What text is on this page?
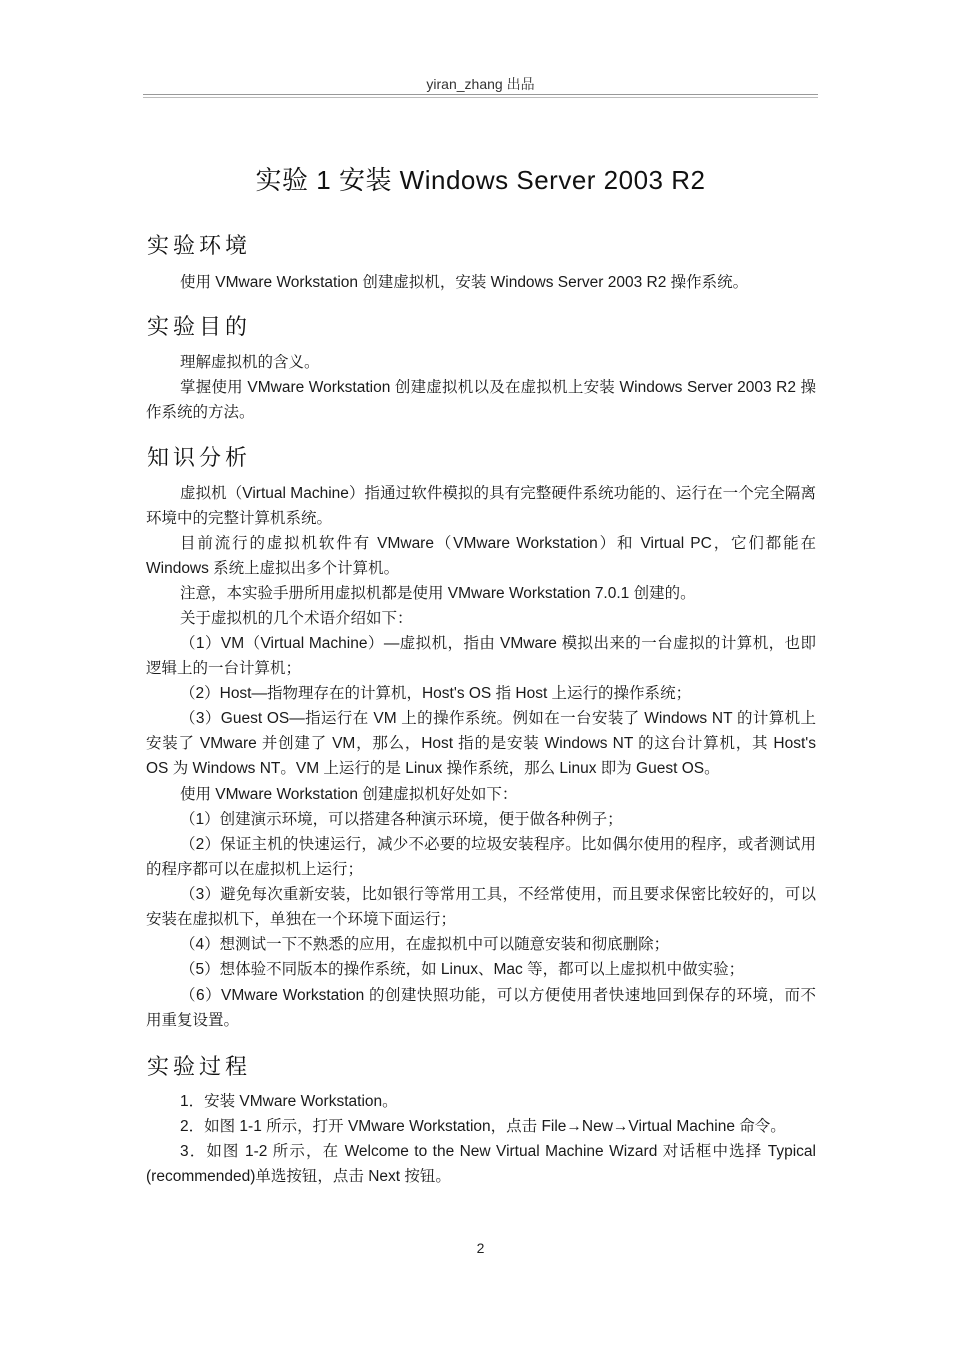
yiran_zhang 出品
实验 1 安装 Windows Server 2003 R2
实验环境
使用 VMware Workstation 创建虚拟机，安装 Windows Server 2003 R2 操作系统。
实验目的
理解虚拟机的含义。
掌握使用 VMware Workstation 创建虚拟机以及在虚拟机上安装 Windows Server 2003 R2 操作系统的方法。
知识分析
虚拟机（Virtual Machine）指通过软件模拟的具有完整硬件系统功能的、运行在一个完全隔离环境中的完整计算机系统。
目前流行的虚拟机软件有 VMware（VMware Workstation）和 Virtual PC，它们都能在 Windows 系统上虚拟出多个计算机。
注意，本实验手册所用虚拟机都是使用 VMware Workstation 7.0.1 创建的。
关于虚拟机的几个术语介绍如下：
（1）VM（Virtual Machine）—虚拟机，指由 VMware 模拟出来的一台虚拟的计算机，也即逻辑上的一台计算机；
（2）Host—指物理存在的计算机，Host's OS 指 Host 上运行的操作系统；
（3）Guest OS—指运行在 VM 上的操作系统。例如在一台安装了 Windows NT 的计算机上安装了 VMware 并创建了 VM，那么，Host 指的是安装 Windows NT 的这台计算机，其 Host's OS 为 Windows NT。VM 上运行的是 Linux 操作系统，那么 Linux 即为 Guest OS。
使用 VMware Workstation 创建虚拟机好处如下：
（1）创建演示环境，可以搭建各种演示环境，便于做各种例子；
（2）保证主机的快速运行，减少不必要的垃圾安装程序。比如偶尔使用的程序，或者测试用的程序都可以在虚拟机上运行；
（3）避免每次重新安装，比如银行等常用工具，不经常使用，而且要求保密比较好的，可以安装在虚拟机下，单独在一个环境下面运行；
（4）想测试一下不熟悉的应用，在虚拟机中可以随意安装和彻底删除；
（5）想体验不同版本的操作系统，如 Linux、Mac 等，都可以上虚拟机中做实验；
（6）VMware Workstation 的创建快照功能，可以方便使用者快速地回到保存的环境，而不用重复设置。
实验过程
1．安装 VMware Workstation。
2．如图 1-1 所示，打开 VMware Workstation，点击 File→New→Virtual Machine 命令。
3．如图 1-2 所示，在 Welcome to the New Virtual Machine Wizard 对话框中选择 Typical (recommended)单选按钮，点击 Next 按钮。
2
